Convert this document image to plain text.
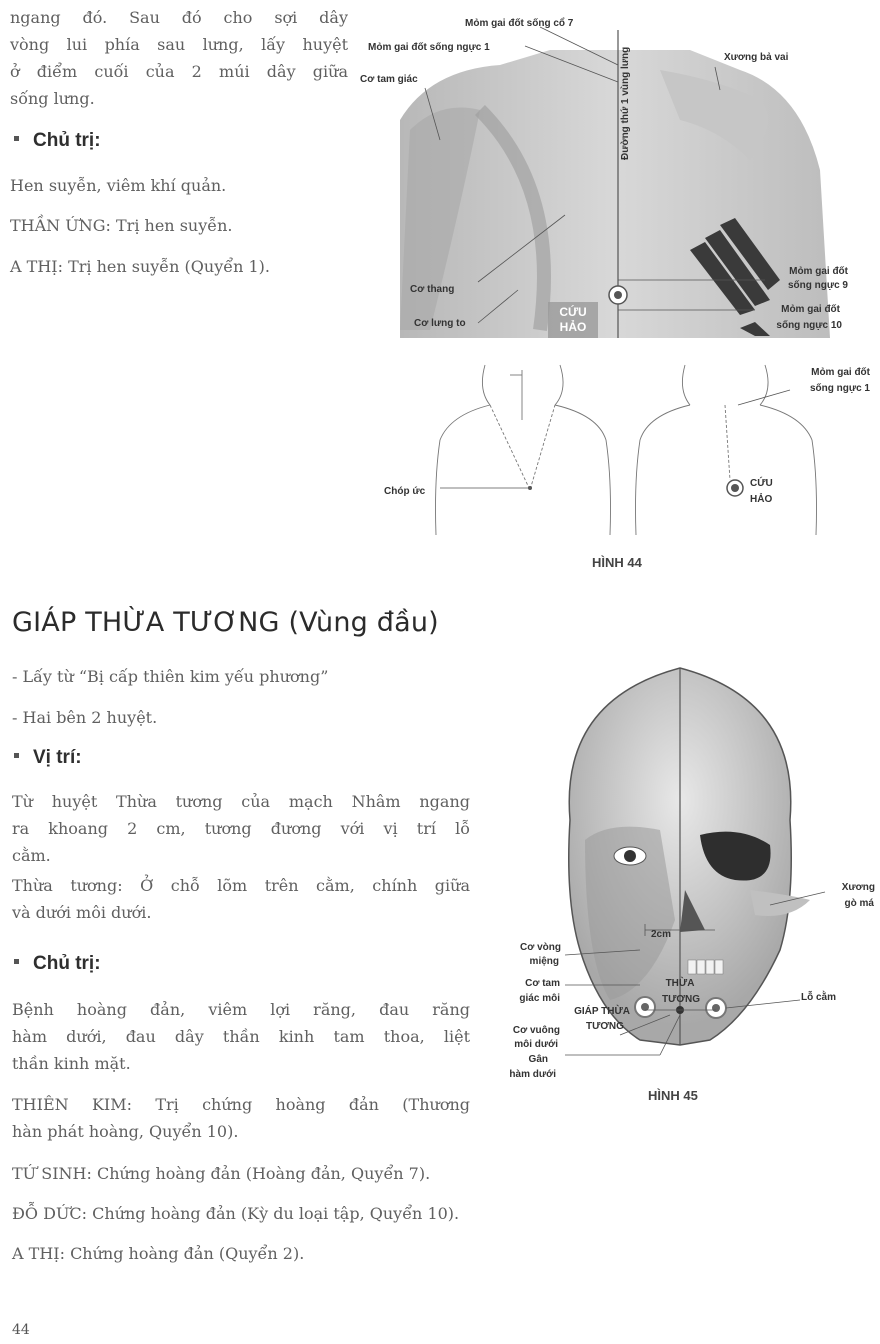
ngang đó. Sau đó cho sợi dây
vòng lui phía sau lưng, lấy huyệt
ở điểm cuối của 2 múi dây giữa
sống lưng.
Chủ trị:
Hen suyễn, viêm khí quản.
THẦN ỨNG: Trị hen suyễn.
A THỊ: Trị hen suyễn (Quyển 1).
Mỏm gai đốt sống cổ 7
Mỏm gai đốt sống ngực 1
Cơ tam giác
Xương bả vai
Đường thứ 1 vùng lưng
Cơ thang
Cơ lưng to
Mỏm gai đốt
sống ngực 9
Mỏm gai đốt
sống ngực 10
CỨU
HẢO
Chóp ức
Mỏm gai đốt
sống ngực 1
CỨU
HẢO
HÌNH 44
GIÁP THỪA TƯƠNG (Vùng đầu)
- Lấy từ “Bị cấp thiên kim yếu phương”
- Hai bên 2 huyệt.
Vị trí:
Từ huyệt Thừa tương của mạch Nhâm ngang
ra khoang 2 cm, tương đương với vị trí lỗ
cằm.
Thừa tương: Ở chỗ lõm trên cằm, chính giữa
và dưới môi dưới.
Chủ trị:
Bệnh hoàng đản, viêm lợi răng, đau răng
hàm dưới, đau dây thần kinh tam thoa, liệt
thần kinh mặt.
THIÊN KIM: Trị chứng hoàng đản (Thương
hàn phát hoàng, Quyển 10).
TỨ SINH: Chứng hoàng đản (Hoàng đản, Quyển 7).
ĐỖ DỨC: Chứng hoàng đản (Kỳ du loại tập, Quyển 10).
A THỊ: Chứng hoàng đản (Quyển 2).
Xương
gò má
2cm
Cơ vòng
miệng
Cơ tam
giác môi
GIÁP THỪA
TƯƠNG
THỪA
TƯƠNG	Lỗ cằm
Cơ vuông
môi dưới
Gân
hàm dưới
HÌNH 45
44
